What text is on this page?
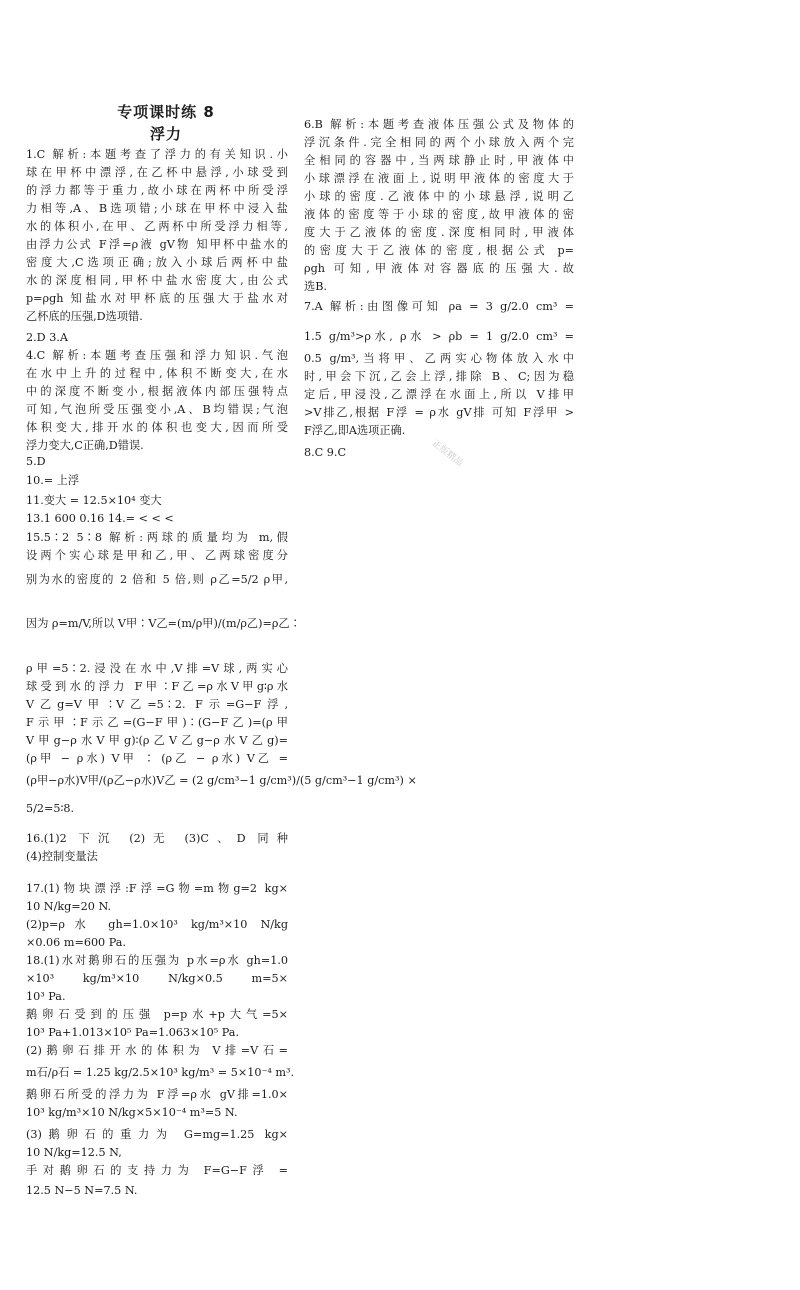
专项课时练 8
浮力
1.C 解析:本题考查了浮力的有关知识.小
球在甲杯中漂浮,在乙杯中悬浮,小球受到
的浮力都等于重力,故小球在两杯中所受浮
力相等,A、B选项错;小球在甲杯中浸入盐
水的体积小,在甲、乙两杯中所受浮力相等,
由浮力公式 F浮=ρ液 gV物 知甲杯中盐水的
密度大,C选项正确;放入小球后两杯中盐
水的深度相同,甲杯中盐水密度大,由公式
p=ρgh 知盐水对甲杯底的压强大于盐水对
乙杯底的压强,D选项错.
2.D 3.A
4.C 解析:本题考查压强和浮力知识.气泡
在水中上升的过程中,体积不断变大,在水
中的深度不断变小,根据液体内部压强特点
可知,气泡所受压强变小,A、B均错误;气泡
体积变大,排开水的体积也变大,因而所受
浮力变大,C正确,D错误.
5.D
10.= 上浮
11.变大 = 12.5×10⁴ 变大
13.1 600 0.16 14.= < < <
15.5∶2 5∶8 解析:两球的质量均为 m,假
设两个实心球是甲和乙,甲、乙两球密度分
别为水的密度的 2 倍和 5 倍,则 ρ乙=5/2 ρ甲,
因为 ρ=m/V,所以 V甲∶V乙=(m/ρ甲)/(m/ρ乙)=ρ乙∶
ρ甲=5∶2.浸没在水中,V排=V球,两实心
球受到水的浮力 F甲∶F乙=ρ水V甲g∶ρ水
V乙g=V甲∶V乙=5∶2. F示=G−F浮,
F示甲∶F示乙=(G−F甲)∶(G−F乙)=(ρ甲
V甲g−ρ水V甲g)∶(ρ乙V乙g−ρ水V乙g)=
(ρ甲 − ρ水) V甲 ∶ (ρ乙 − ρ水) V乙 =
(ρ甲−ρ水)V甲/(ρ乙−ρ水)V乙 = (2 g/cm³−1 g/cm³)/(5 g/cm³−1 g/cm³) ×
5/2=5∶8.
16.(1)2 下沉 (2)无 (3)C、D 同种
(4)控制变量法
17.(1)物块漂浮:F浮=G物=m物g=2 kg×
10 N/kg=20 N.
(2)p=ρ水 gh=1.0×10³ kg/m³×10 N/kg
×0.06 m=600 Pa.
18.(1)水对鹅卵石的压强为 p水=ρ水 gh=1.0
×10³ kg/m³×10 N/kg×0.5 m=5×
10³ Pa.
鹅卵石受到的压强 p=p水+p大气=5×
10³ Pa+1.013×10⁵ Pa=1.063×10⁵ Pa.
(2)鹅卵石排开水的体积为 V排=V石=
m石/ρ石 = 1.25 kg/2.5×10³ kg/m³ = 5×10⁻⁴ m³.
鹅卵石所受的浮力为 F浮=ρ水 gV排=1.0×
10³ kg/m³×10 N/kg×5×10⁻⁴ m³=5 N.
(3)鹅卵石的重力为 G=mg=1.25 kg×
10 N/kg=12.5 N,
手对鹅卵石的支持力为 F=G−F浮 =
12.5 N−5 N=7.5 N.
6.B 解析:本题考查液体压强公式及物体的
浮沉条件.完全相同的两个小球放入两个完
全相同的容器中,当两球静止时,甲液体中
小球漂浮在液面上,说明甲液体的密度大于
小球的密度.乙液体中的小球悬浮,说明乙
液体的密度等于小球的密度,故甲液体的密
度大于乙液体的密度.深度相同时,甲液体
的密度大于乙液体的密度,根据公式 p=
ρgh 可知,甲液体对容器底的压强大.故
选B.
7.A 解析:由图像可知 ρa = 3 g/2.0 cm³ =
1.5 g/m³>ρ水, ρ水 > ρb = 1 g/2.0 cm³ =
0.5 g/m³,当将甲、乙两实心物体放入水中
时,甲会下沉,乙会上浮,排除 B、C;因为稳
定后,甲浸没,乙漂浮在水面上,所以 V排甲
>V排乙,根据 F浮 = ρ水 gV排 可知 F浮甲 >
F浮乙,即A选项正确.
8.C 9.C	正版精品
